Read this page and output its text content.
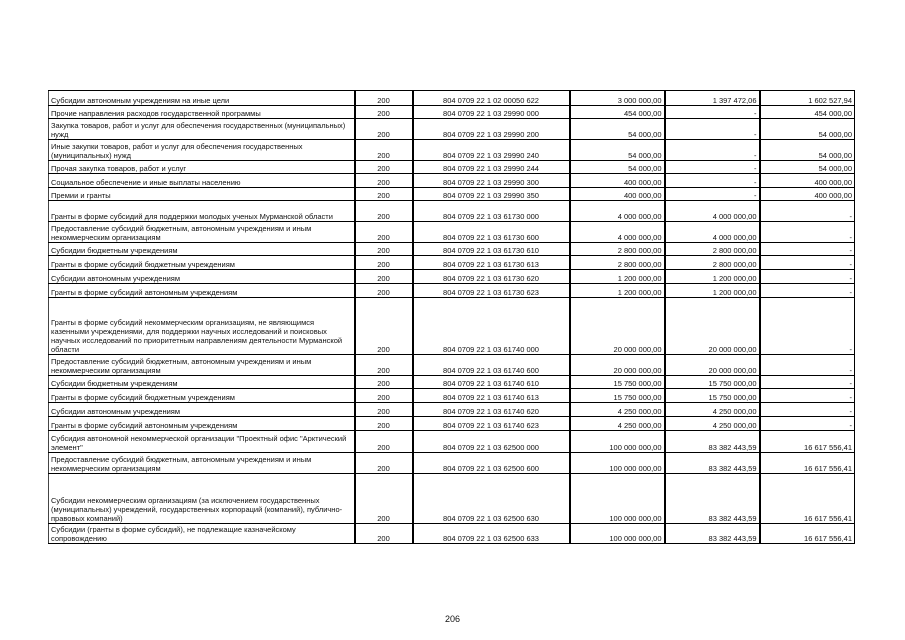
Субсидии автономным учреждениям на иные цели	200	804 0709 22 1 02 00050 622	3 000 000,00	1 397 472,06	1 602 527,94
Прочие направления расходов государственной программы	200	804 0709 22 1 03 29990 000	454 000,00	-	454 000,00
Закупка товаров, работ и услуг для обеспечения государственных (муниципальных) нужд	200	804 0709 22 1 03 29990 200	54 000,00	-	54 000,00
Иные закупки товаров, работ и услуг для обеспечения государственных (муниципальных) нужд	200	804 0709 22 1 03 29990 240	54 000,00	-	54 000,00
Прочая закупка товаров, работ и услуг	200	804 0709 22 1 03 29990 244	54 000,00	-	54 000,00
Социальное обеспечение и иные выплаты населению	200	804 0709 22 1 03 29990 300	400 000,00	-	400 000,00
Премии и гранты	200	804 0709 22 1 03 29990 350	400 000,00	-	400 000,00
Гранты в форме субсидий для поддержки молодых ученых Мурманской области	200	804 0709 22 1 03 61730 000	4 000 000,00	4 000 000,00	-
Предоставление субсидий бюджетным, автономным учреждениям и иным некоммерческим организациям	200	804 0709 22 1 03 61730 600	4 000 000,00	4 000 000,00	-
Субсидии бюджетным учреждениям	200	804 0709 22 1 03 61730 610	2 800 000,00	2 800 000,00	-
Гранты в форме субсидий бюджетным учреждениям	200	804 0709 22 1 03 61730 613	2 800 000,00	2 800 000,00	-
Субсидии автономным учреждениям	200	804 0709 22 1 03 61730 620	1 200 000,00	1 200 000,00	-
Гранты в форме субсидий автономным учреждениям	200	804 0709 22 1 03 61730 623	1 200 000,00	1 200 000,00	-
Гранты в форме субсидий некоммерческим организациям, не являющимся казенными учреждениями, для поддержки научных исследований и поисковых научных исследований по приоритетным направлениям деятельности Мурманской области	200	804 0709 22 1 03 61740 000	20 000 000,00	20 000 000,00	-
Предоставление субсидий бюджетным, автономным учреждениям и иным некоммерческим организациям	200	804 0709 22 1 03 61740 600	20 000 000,00	20 000 000,00	-
Субсидии бюджетным учреждениям	200	804 0709 22 1 03 61740 610	15 750 000,00	15 750 000,00	-
Гранты в форме субсидий бюджетным учреждениям	200	804 0709 22 1 03 61740 613	15 750 000,00	15 750 000,00	-
Субсидии автономным учреждениям	200	804 0709 22 1 03 61740 620	4 250 000,00	4 250 000,00	-
Гранты в форме субсидий автономным учреждениям	200	804 0709 22 1 03 61740 623	4 250 000,00	4 250 000,00	-
Субсидия автономной некоммерческой организации "Проектный офис "Арктический элемент"	200	804 0709 22 1 03 62500 000	100 000 000,00	83 382 443,59	16 617 556,41
Предоставление субсидий бюджетным, автономным учреждениям и иным некоммерческим организациям	200	804 0709 22 1 03 62500 600	100 000 000,00	83 382 443,59	16 617 556,41
Субсидии некоммерческим организациям (за исключением государственных (муниципальных) учреждений, государственных корпораций (компаний), публично-правовых компаний)	200	804 0709 22 1 03 62500 630	100 000 000,00	83 382 443,59	16 617 556,41
Субсидии (гранты в форме субсидий), не подлежащие казначейскому сопровождению	200	804 0709 22 1 03 62500 633	100 000 000,00	83 382 443,59	16 617 556,41
206
